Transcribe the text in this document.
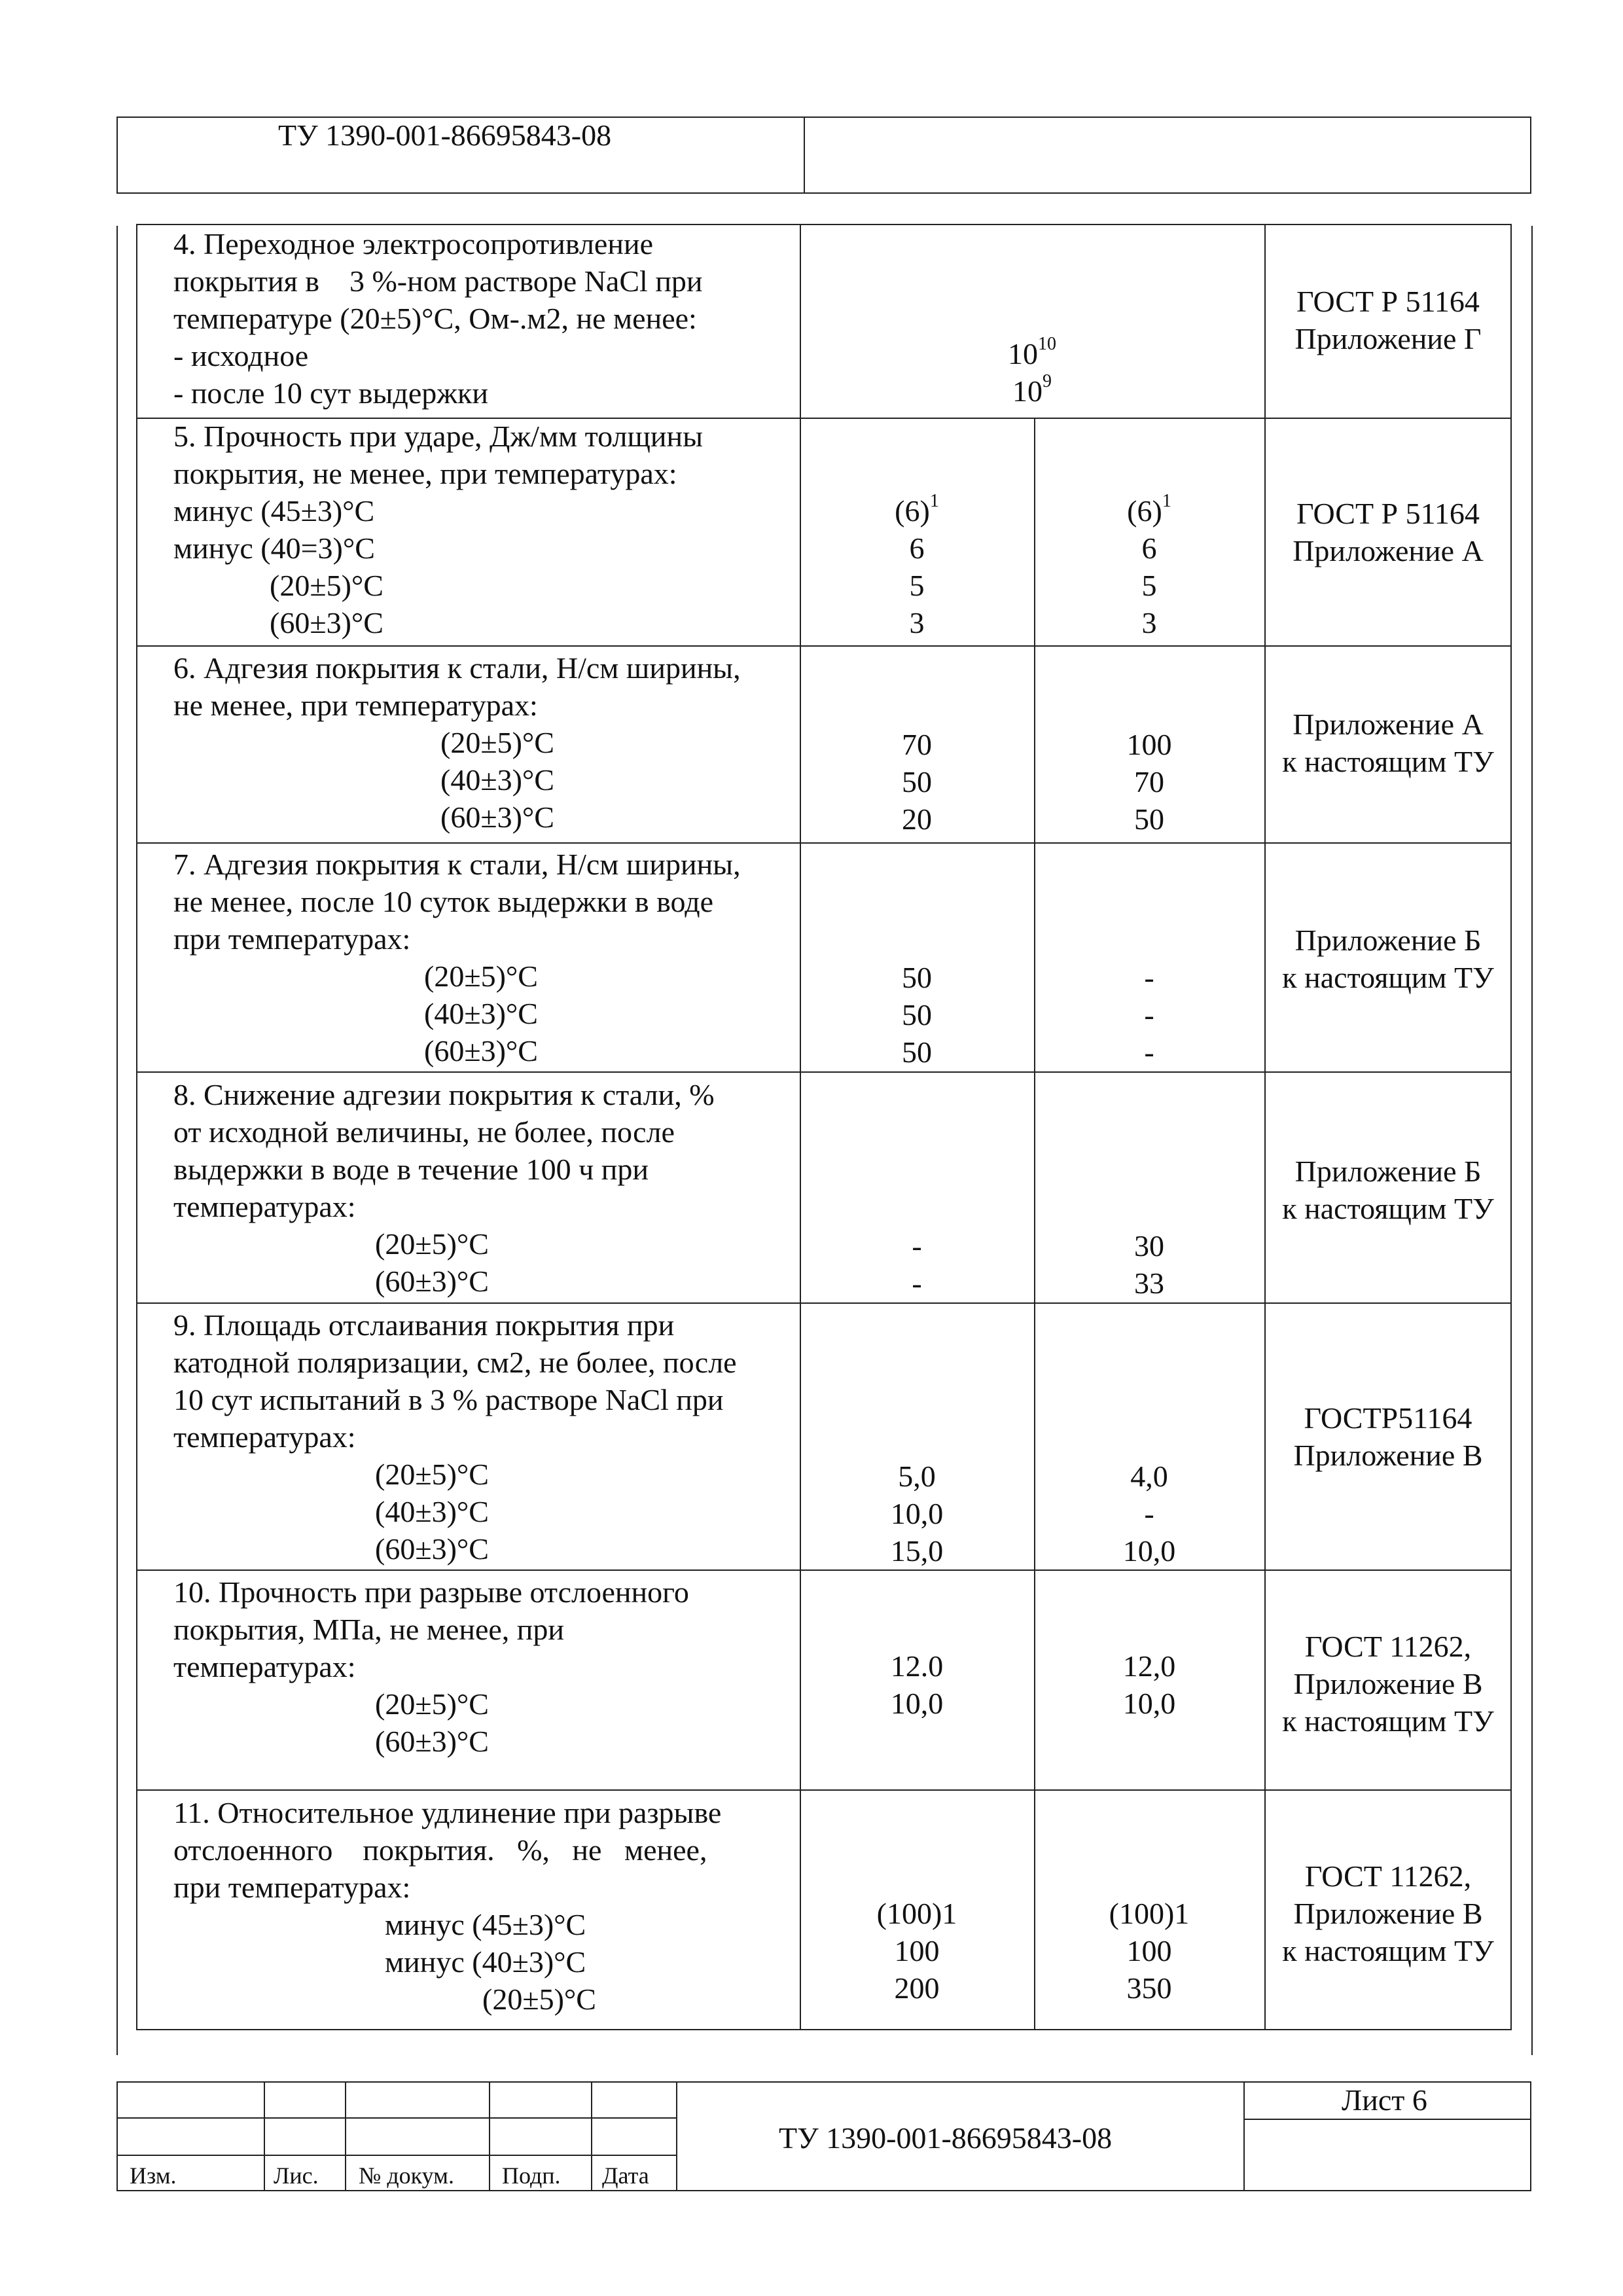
ТУ 1390-001-86695843-08
4. Переходное электросопротивление
покрытия в    3 %-ном растворе NaCl при
температуре (20±5)°С, Ом-.м2, не менее:
- исходное
- после 10 сут выдержки
$10^{10}$
$10^9$
ГОСТ Р 51164
Приложение Г
5. Прочность при ударе, Дж/мм толщины
покрытия, не менее, при температурах:
минус (45±3)°С
минус (40=3)°С
(20±5)°С
(60±3)°С
$(6)^1$
6
5
3
$(6)^1$
6
5
3
ГОСТ Р 51164
Приложение А
6. Адгезия покрытия к стали, Н/см ширины,
не менее, при температурах:
(20±5)°С
(40±3)°С
(60±3)°С
70
50
20
100
70
50
Приложение А
к настоящим ТУ
7. Адгезия покрытия к стали, Н/см ширины,
не менее, после 10 суток выдержки в воде
при температурах:
(20±5)°С
(40±3)°С
(60±3)°С
50
50
50
-
-
-
Приложение Б
к настоящим ТУ
8. Снижение адгезии покрытия к стали, %
от исходной величины, не более, после
выдержки в воде в течение 100 ч при
температурах:
(20±5)°С
(60±3)°С
-
-
30
33
Приложение Б
к настоящим ТУ
9. Площадь отслаивания покрытия при
катодной поляризации, см2, не более, после
10 сут испытаний в 3 % растворе NaCl при
температурах:
(20±5)°С
(40±3)°С
(60±3)°С
5,0
10,0
15,0
4,0
-
10,0
ГОСТР51164
Приложение В
10. Прочность при разрыве отслоенного
покрытия, МПа, не менее, при
температурах:
(20±5)°С
(60±3)°С
12.0
10,0
12,0
10,0
ГОСТ 11262,
Приложение В
к настоящим ТУ
11. Относительное удлинение при разрыве
отслоенного    покрытия.   %,   не   менее,
при температурах:
минус (45±3)°С
минус (40±3)°С
(20±5)°С
(100)1
100
200
(100)1
100
350
ГОСТ 11262,
Приложение В
к настоящим ТУ
Изм.	Лис. № докум. Подп. Дата
ТУ 1390-001-86695843-08
Лист 6
